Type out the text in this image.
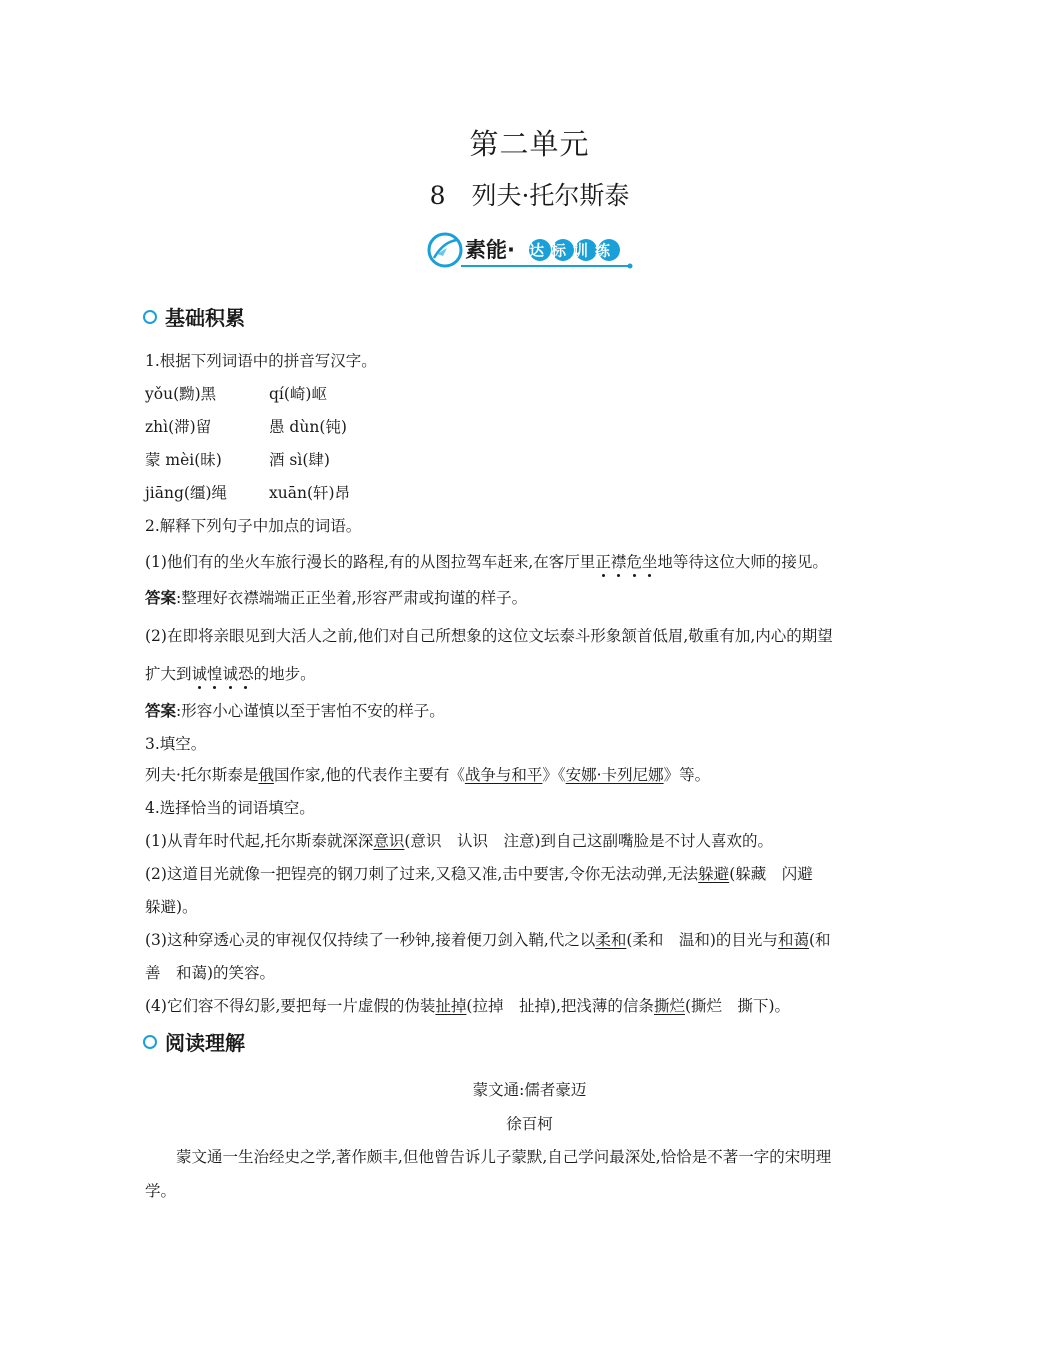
第二单元
8 列夫·托尔斯泰
素能· 达标训练
基础积累
1.根据下列词语中的拼音写汉字。
yǒu(黝)黑	qí(崎)岖
zhì(滞)留	愚 dùn(钝)
蒙 mèi(昧)	酒 sì(肆)
jiāng(缰)绳	xuān(轩)昂
2.解释下列句子中加点的词语。
(1)他们有的坐火车旅行漫长的路程,有的从图拉驾车赶来,在客厅里正襟危坐地等待这位大师的接见。
答案:整理好衣襟端端正正坐着,形容严肃或拘谨的样子。
(2)在即将亲眼见到大活人之前,他们对自己所想象的这位文坛泰斗形象颔首低眉,敬重有加,内心的期望
扩大到诚惶诚恐的地步。
答案:形容小心谨慎以至于害怕不安的样子。
3.填空。
列夫·托尔斯泰是俄国作家,他的代表作主要有《战争与和平》《安娜·卡列尼娜》等。
4.选择恰当的词语填空。
(1)从青年时代起,托尔斯泰就深深意识(意识　认识　注意)到自己这副嘴脸是不讨人喜欢的。
(2)这道目光就像一把锃亮的钢刀刺了过来,又稳又准,击中要害,令你无法动弹,无法躲避(躲藏　闪避
躲避)。
(3)这种穿透心灵的审视仅仅持续了一秒钟,接着便刀剑入鞘,代之以柔和(柔和　温和)的目光与和蔼(和
善　和蔼)的笑容。
(4)它们容不得幻影,要把每一片虚假的伪装扯掉(拉掉　扯掉),把浅薄的信条撕烂(撕烂　撕下)。
阅读理解
蒙文通:儒者豪迈
徐百柯
蒙文通一生治经史之学,著作颇丰,但他曾告诉儿子蒙默,自己学问最深处,恰恰是不著一字的宋明理
学。
